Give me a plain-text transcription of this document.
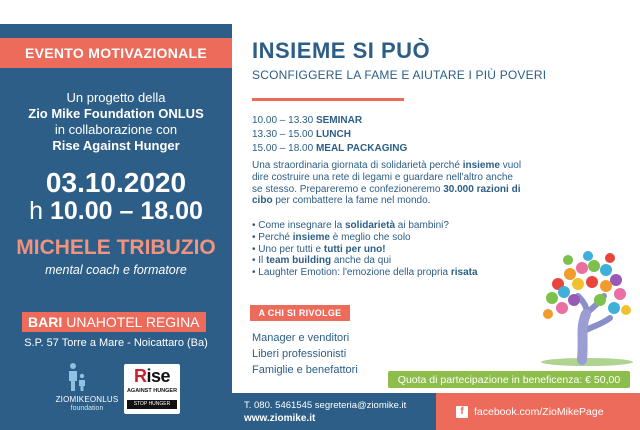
EVENTO MOTIVAZIONALE
Un progetto della
Zio Mike Foundation ONLUS
in collaborazione con
Rise Against Hunger
03.10.2020
h 10.00 – 18.00
MICHELE TRIBUZIO
mental coach e formatore
BARI UNAHOTEL REGINA
S.P. 57 Torre a Mare - Noicattaro (Ba)
ZIOMIKEONLUS
foundation
Rise
AGAINST HUNGER
STOP HUNGER NOW
INSIEME SI PUÒ
SCONFIGGERE LA FAME E AIUTARE I PIÙ POVERI
10.00 – 13.30 SEMINAR
13.30 – 15.00 LUNCH
15.00 – 18.00 MEAL PACKAGING
Una straordinaria giornata di solidarietà perché insieme vuol dire costruire una rete di legami e guardare nell'altro anche se stesso. Prepareremo e confezioneremo 30.000 razioni di cibo per combattere la fame nel mondo.
• Come insegnare la solidarietà ai bambini?
• Perché insieme è meglio che solo
• Uno per tutti e tutti per uno!
• Il team building anche da qui
• Laughter Emotion: l'emozione della propria risata
A CHI SI RIVOLGE
Manager e venditori
Liberi professionisti
Famiglie e benefattori
Quota di partecipazione in beneficenza: € 50,00
T. 080. 5461545 segreteria@ziomike.it
www.ziomike.it
f facebook.com/ZioMikePage
